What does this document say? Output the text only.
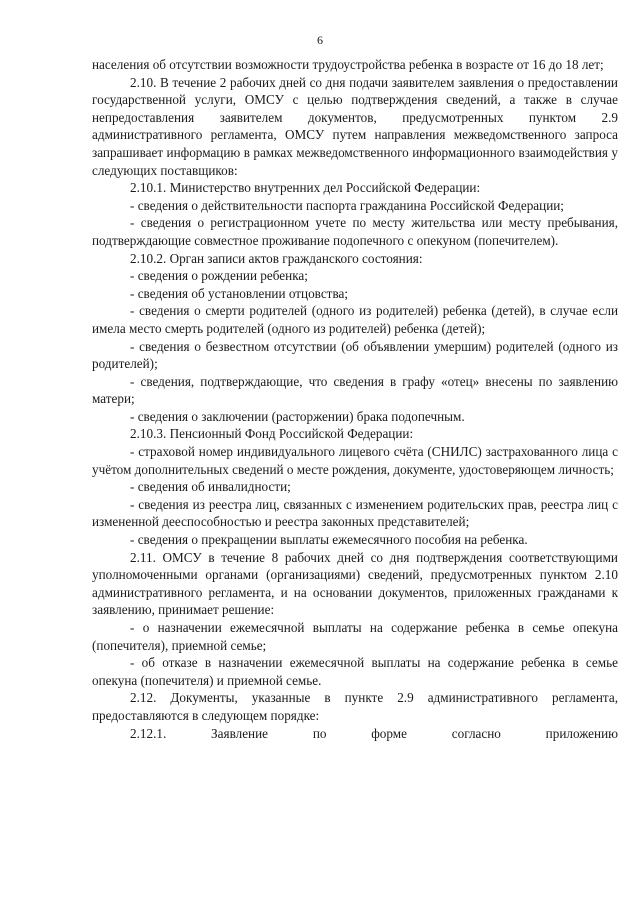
6

населения об отсутствии возможности трудоустройства ребенка в возрасте от 16 до 18 лет;

2.10. В течение 2 рабочих дней со дня подачи заявителем заявления о предоставлении государственной услуги, ОМСУ с целью подтверждения сведений, а также в случае непредоставления заявителем документов, предусмотренных пунктом 2.9 административного регламента, ОМСУ путем направления межведомственного запроса запрашивает информацию в рамках межведомственного информационного взаимодействия у следующих поставщиков:

2.10.1. Министерство внутренних дел Российской Федерации:

- сведения о действительности паспорта гражданина Российской Федерации;

- сведения о регистрационном учете по месту жительства или месту пребывания, подтверждающие совместное проживание подопечного с опекуном (попечителем).

2.10.2. Орган записи актов гражданского состояния:

- сведения о рождении ребенка;

- сведения об установлении отцовства;

- сведения о смерти родителей (одного из родителей) ребенка (детей), в случае если имела место смерть родителей (одного из родителей) ребенка (детей);

- сведения о безвестном отсутствии (об объявлении умершим) родителей (одного из родителей);

- сведения, подтверждающие, что сведения в графу «отец» внесены по заявлению матери;

- сведения о заключении (расторжении) брака подопечным.

2.10.3. Пенсионный Фонд Российской Федерации:

- страховой номер индивидуального лицевого счёта (СНИЛС) застрахованного лица с учётом дополнительных сведений о месте рождения, документе, удостоверяющем личность;

- сведения об инвалидности;

- сведения из реестра лиц, связанных с изменением родительских прав, реестра лиц с измененной дееспособностью и реестра законных представителей;

- сведения о прекращении выплаты ежемесячного пособия на ребенка.

2.11. ОМСУ в течение 8 рабочих дней со дня подтверждения соответствующими уполномоченными органами (организациями) сведений, предусмотренных пунктом 2.10 административного регламента, и на основании документов, приложенных гражданами к заявлению, принимает решение:

- о назначении ежемесячной выплаты на содержание ребенка в семье опекуна (попечителя), приемной семье;

- об отказе в назначении ежемесячной выплаты на содержание ребенка в семье опекуна (попечителя) и приемной семье.

2.12. Документы, указанные в пункте 2.9 административного регламента, предоставляются в следующем порядке:

2.12.1. Заявление по форме согласно приложению
